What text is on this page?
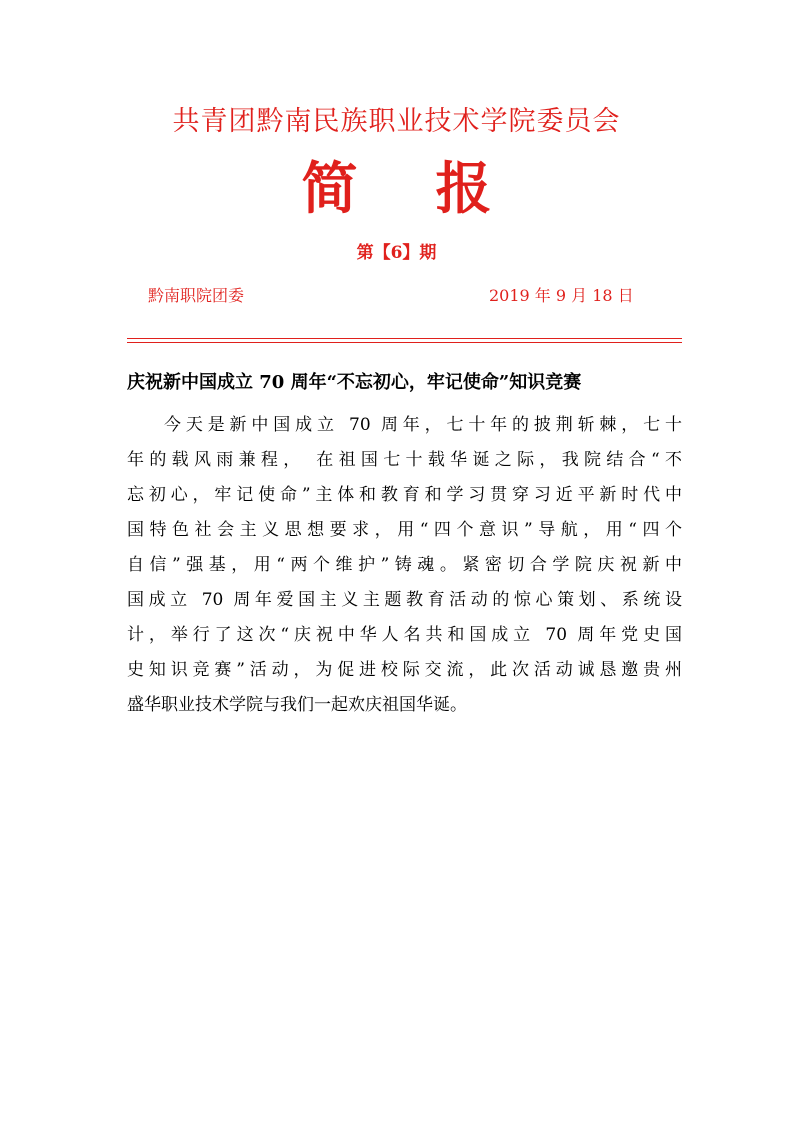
共青团黔南民族职业技术学院委员会
简 报
第【6】期
黔南职院团委	2019 年 9 月 18 日
庆祝新中国成立 70 周年“不忘初心，牢记使命”知识竞赛
今天是新中国成立 70 周年，七十年的披荆斩棘，七十
年的载风雨兼程， 在祖国七十载华诞之际，我院结合“不
忘初心，牢记使命”主体和教育和学习贯穿习近平新时代中
国特色社会主义思想要求，用“四个意识”导航，用“四个
自信”强基，用“两个维护”铸魂。紧密切合学院庆祝新中
国成立 70 周年爱国主义主题教育活动的惊心策划、系统设
计，举行了这次“庆祝中华人名共和国成立 70 周年党史国
史知识竞赛”活动，为促进校际交流，此次活动诚恳邀贵州
盛华职业技术学院与我们一起欢庆祖国华诞。
